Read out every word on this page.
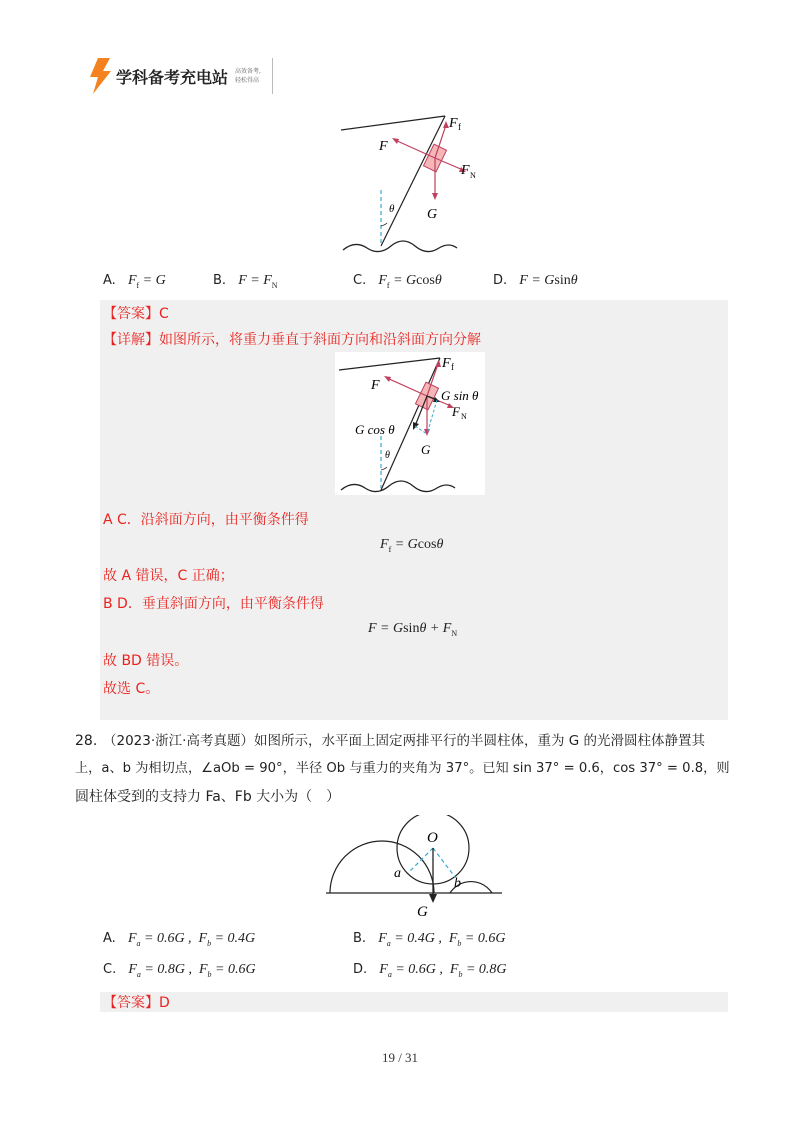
学科备考充电站 高效备考,
轻松得高
θ
F f
F
F N
G
A. $F_f = G$	B. $F = F_N$	C. $F_f = Gcos\theta$	D. F = Gsinθ
【答案】C
【详解】如图所示，将重力垂直于斜面方向和沿斜面方向分解
θ
F f
F
G sin θ
F N
G cos θ
G
A C．沿斜面方向，由平衡条件得
$F_f = Gcos\theta$
故 A 错误，C 正确；
B D．垂直斜面方向，由平衡条件得
$F = Gsin\theta + F_N$
故 BD 错误。
故选 C。
28. （2023·浙江·高考真题）如图所示，水平面上固定两排平行的半圆柱体，重为 G 的光滑圆柱体静置其
上，a、b 为相切点，∠aOb = 90°，半径 Ob 与重力的夹角为 37°。已知 sin 37° = 0.6，cos 37° = 0.8，则
圆柱体受到的支持力 Fa、Fb 大小为（　）
O
a
b
G
A. $F_a = 0.6G$ ,  $F_b = 0.4G$	B. $F_a = 0.4G$ ,  $F_b = 0.6G$
C. $F_a = 0.8G$ ,  $F_b = 0.6G$	D. $F_a = 0.6G$ ,  $F_b = 0.8G$
【答案】D
19 / 31
